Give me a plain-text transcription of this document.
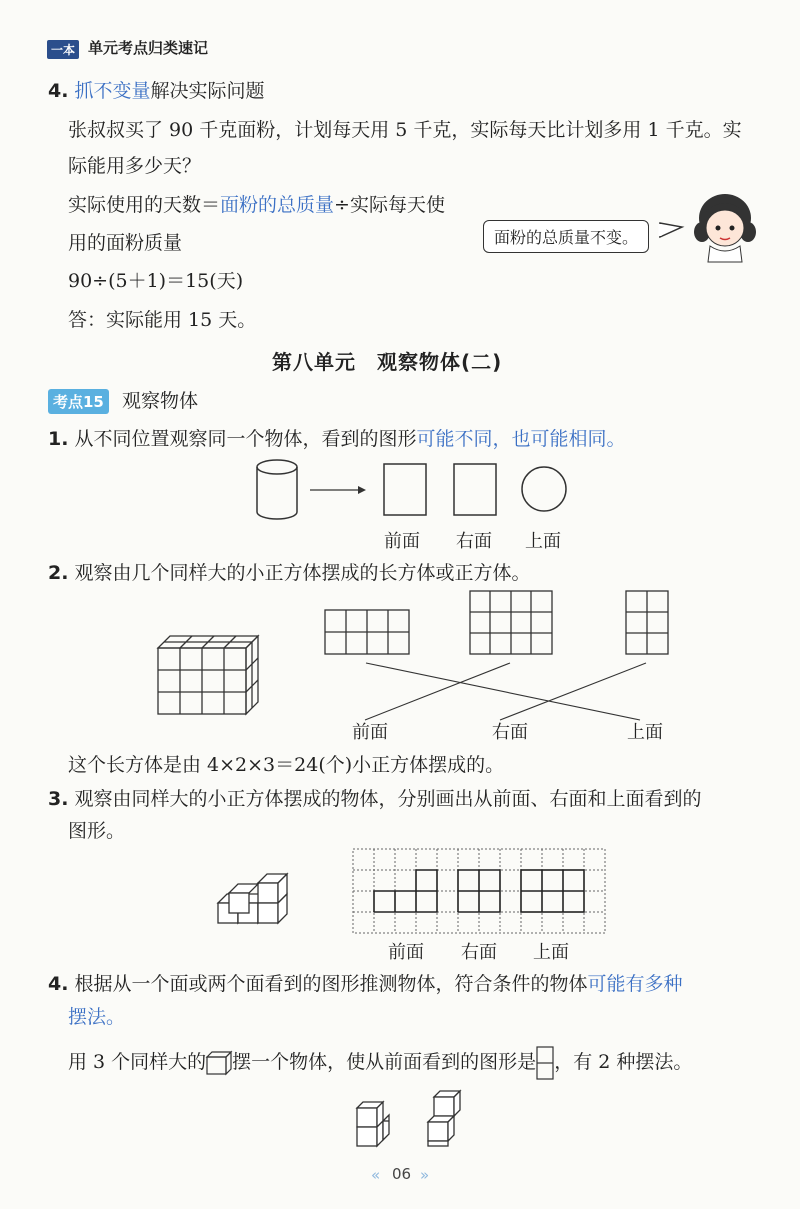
一本 单元考点归类速记
4. 抓不变量解决实际问题
张叔叔买了 90 千克面粉，计划每天用 5 千克，实际每天比计划多用 1 千克。实
际能用多少天？
实际使用的天数＝面粉的总质量÷实际每天使
用的面粉质量
90÷(5＋1)＝15(天)
答：实际能用 15 天。
面粉的总质量不变。
第八单元　观察物体(二)
考点15 观察物体
1. 从不同位置观察同一个物体，看到的图形可能不同，也可能相同。
前面 右面 上面
2. 观察由几个同样大的小正方体摆成的长方体或正方体。
前面	右面	上面
这个长方体是由 4×2×3＝24(个)小正方体摆成的。
3. 观察由同样大的小正方体摆成的物体，分别画出从前面、右面和上面看到的
图形。
前面 右面 上面
4. 根据从一个面或两个面看到的图形推测物体，符合条件的物体可能有多种
摆法。
用 3 个同样大的 摆一个物体，使从前面看到的图形是 ，有 2 种摆法。
« 06 »
